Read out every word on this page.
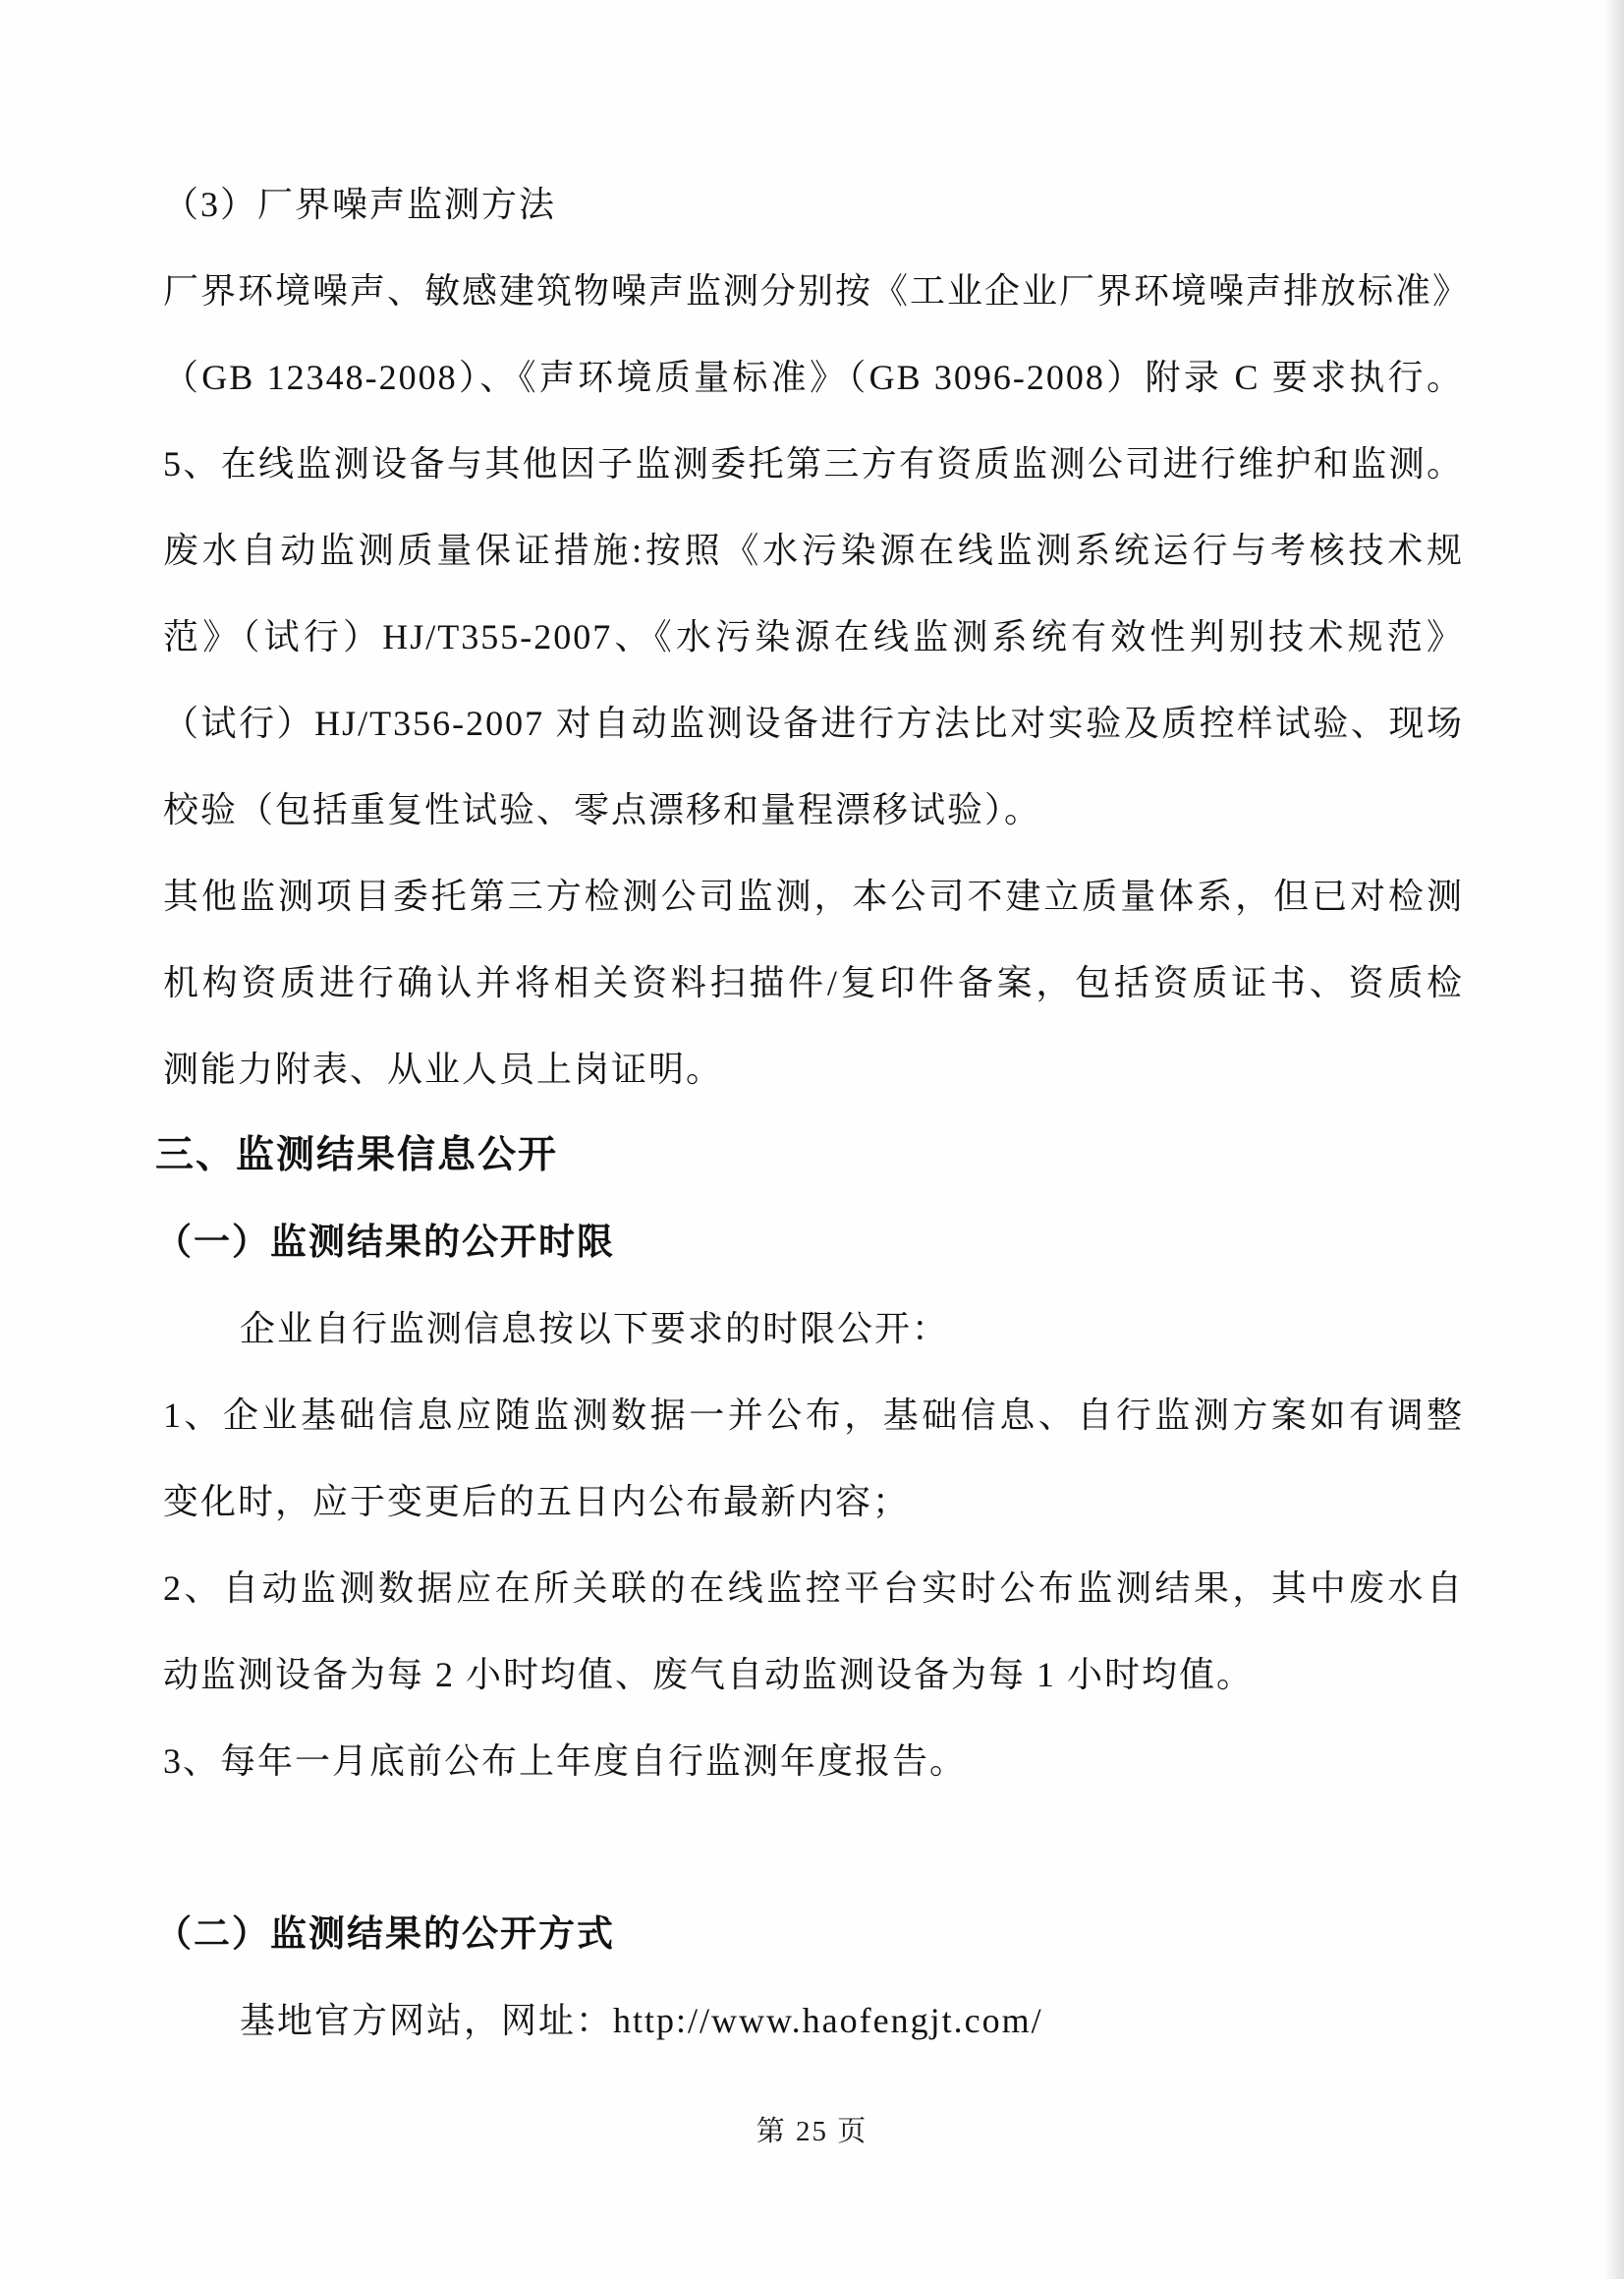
（3）厂界噪声监测方法
厂界环境噪声、敏感建筑物噪声监测分别按《工业企业厂界环境噪声排放标准》
（GB 12348-2008）、《声环境质量标准》（GB 3096-2008）附录 C 要求执行。
5、在线监测设备与其他因子监测委托第三方有资质监测公司进行维护和监测。
废水自动监测质量保证措施:按照《水污染源在线监测系统运行与考核技术规
范》（试行）HJ/T355-2007、《水污染源在线监测系统有效性判别技术规范》
（试行）HJ/T356-2007 对自动监测设备进行方法比对实验及质控样试验、现场
校验（包括重复性试验、零点漂移和量程漂移试验）。
其他监测项目委托第三方检测公司监测，本公司不建立质量体系，但已对检测
机构资质进行确认并将相关资料扫描件/复印件备案，包括资质证书、资质检
测能力附表、从业人员上岗证明。
三、监测结果信息公开
（一）监测结果的公开时限
企业自行监测信息按以下要求的时限公开：
1、企业基础信息应随监测数据一并公布，基础信息、自行监测方案如有调整
变化时，应于变更后的五日内公布最新内容；
2、自动监测数据应在所关联的在线监控平台实时公布监测结果，其中废水自
动监测设备为每 2 小时均值、废气自动监测设备为每 1 小时均值。
3、每年一月底前公布上年度自行监测年度报告。
（二）监测结果的公开方式
基地官方网站，网址：http://www.haofengjt.com/
第 25 页
